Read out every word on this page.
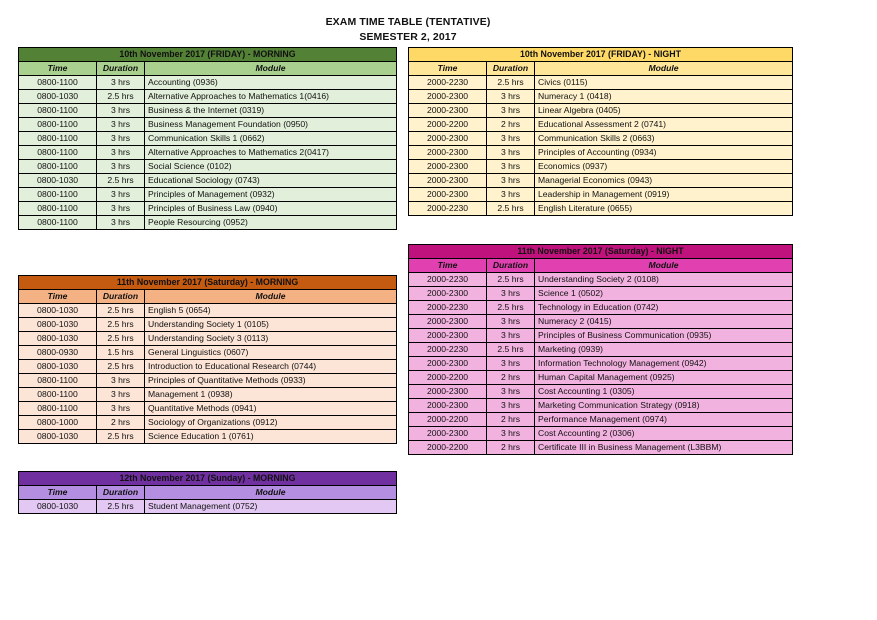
EXAM TIME TABLE (TENTATIVE)
SEMESTER 2, 2017
10th November 2017 (FRIDAY) - MORNING		
Time	Duration	Module
0800-1100	3 hrs	Accounting (0936)
0800-1030	2.5 hrs	Alternative Approaches to Mathematics 1(0416)
0800-1100	3 hrs	Business & the Internet (0319)
0800-1100	3 hrs	Business Management Foundation (0950)
0800-1100	3 hrs	Communication Skills 1 (0662)
0800-1100	3 hrs	Alternative Approaches to Mathematics 2(0417)
0800-1100	3 hrs	Social Science (0102)
0800-1030	2.5 hrs	Educational Sociology (0743)
0800-1100	3 hrs	Principles of Management (0932)
0800-1100	3 hrs	Principles of Business Law (0940)
0800-1100	3 hrs	People Resourcing (0952)
10th November 2017 (FRIDAY) - NIGHT		
Time	Duration	Module
2000-2230	2.5 hrs	Civics (0115)
2000-2300	3 hrs	Numeracy 1 (0418)
2000-2300	3 hrs	Linear Algebra (0405)
2000-2200	2 hrs	Educational Assessment 2 (0741)
2000-2300	3 hrs	Communication Skills 2 (0663)
2000-2300	3 hrs	Principles of Accounting (0934)
2000-2300	3 hrs	Economics (0937)
2000-2300	3 hrs	Managerial Economics (0943)
2000-2300	3 hrs	Leadership in Management (0919)
2000-2230	2.5 hrs	English Literature (0655)
11th November 2017 (Saturday) - NIGHT		
Time	Duration	Module
2000-2230	2.5 hrs	Understanding Society 2 (0108)
2000-2300	3 hrs	Science 1 (0502)
2000-2230	2.5 hrs	Technology in Education (0742)
2000-2300	3 hrs	Numeracy 2 (0415)
2000-2300	3 hrs	Principles of Business Communication (0935)
2000-2230	2.5 hrs	Marketing (0939)
2000-2300	3 hrs	Information Technology Management (0942)
2000-2200	2 hrs	Human Capital Management (0925)
2000-2300	3 hrs	Cost Accounting 1 (0305)
2000-2300	3 hrs	Marketing Communication Strategy (0918)
2000-2200	2 hrs	Performance Management (0974)
2000-2300	3 hrs	Cost Accounting 2 (0306)
2000-2200	2 hrs	Certificate III in Business Management (L3BBM)
11th November 2017 (Saturday) - MORNING		
Time	Duration	Module
0800-1030	2.5 hrs	English 5 (0654)
0800-1030	2.5 hrs	Understanding Society 1 (0105)
0800-1030	2.5 hrs	Understanding Society 3 (0113)
0800-0930	1.5 hrs	General Linguistics (0607)
0800-1030	2.5 hrs	Introduction to Educational Research (0744)
0800-1100	3 hrs	Principles of Quantitative Methods (0933)
0800-1100	3 hrs	Management 1 (0938)
0800-1100	3 hrs	Quantitative Methods (0941)
0800-1000	2 hrs	Sociology of Organizations (0912)
0800-1030	2.5 hrs	Science Education 1 (0761)
12th November 2017 (Sunday) - MORNING		
Time	Duration	Module
0800-1030	2.5 hrs	Student Management (0752)
